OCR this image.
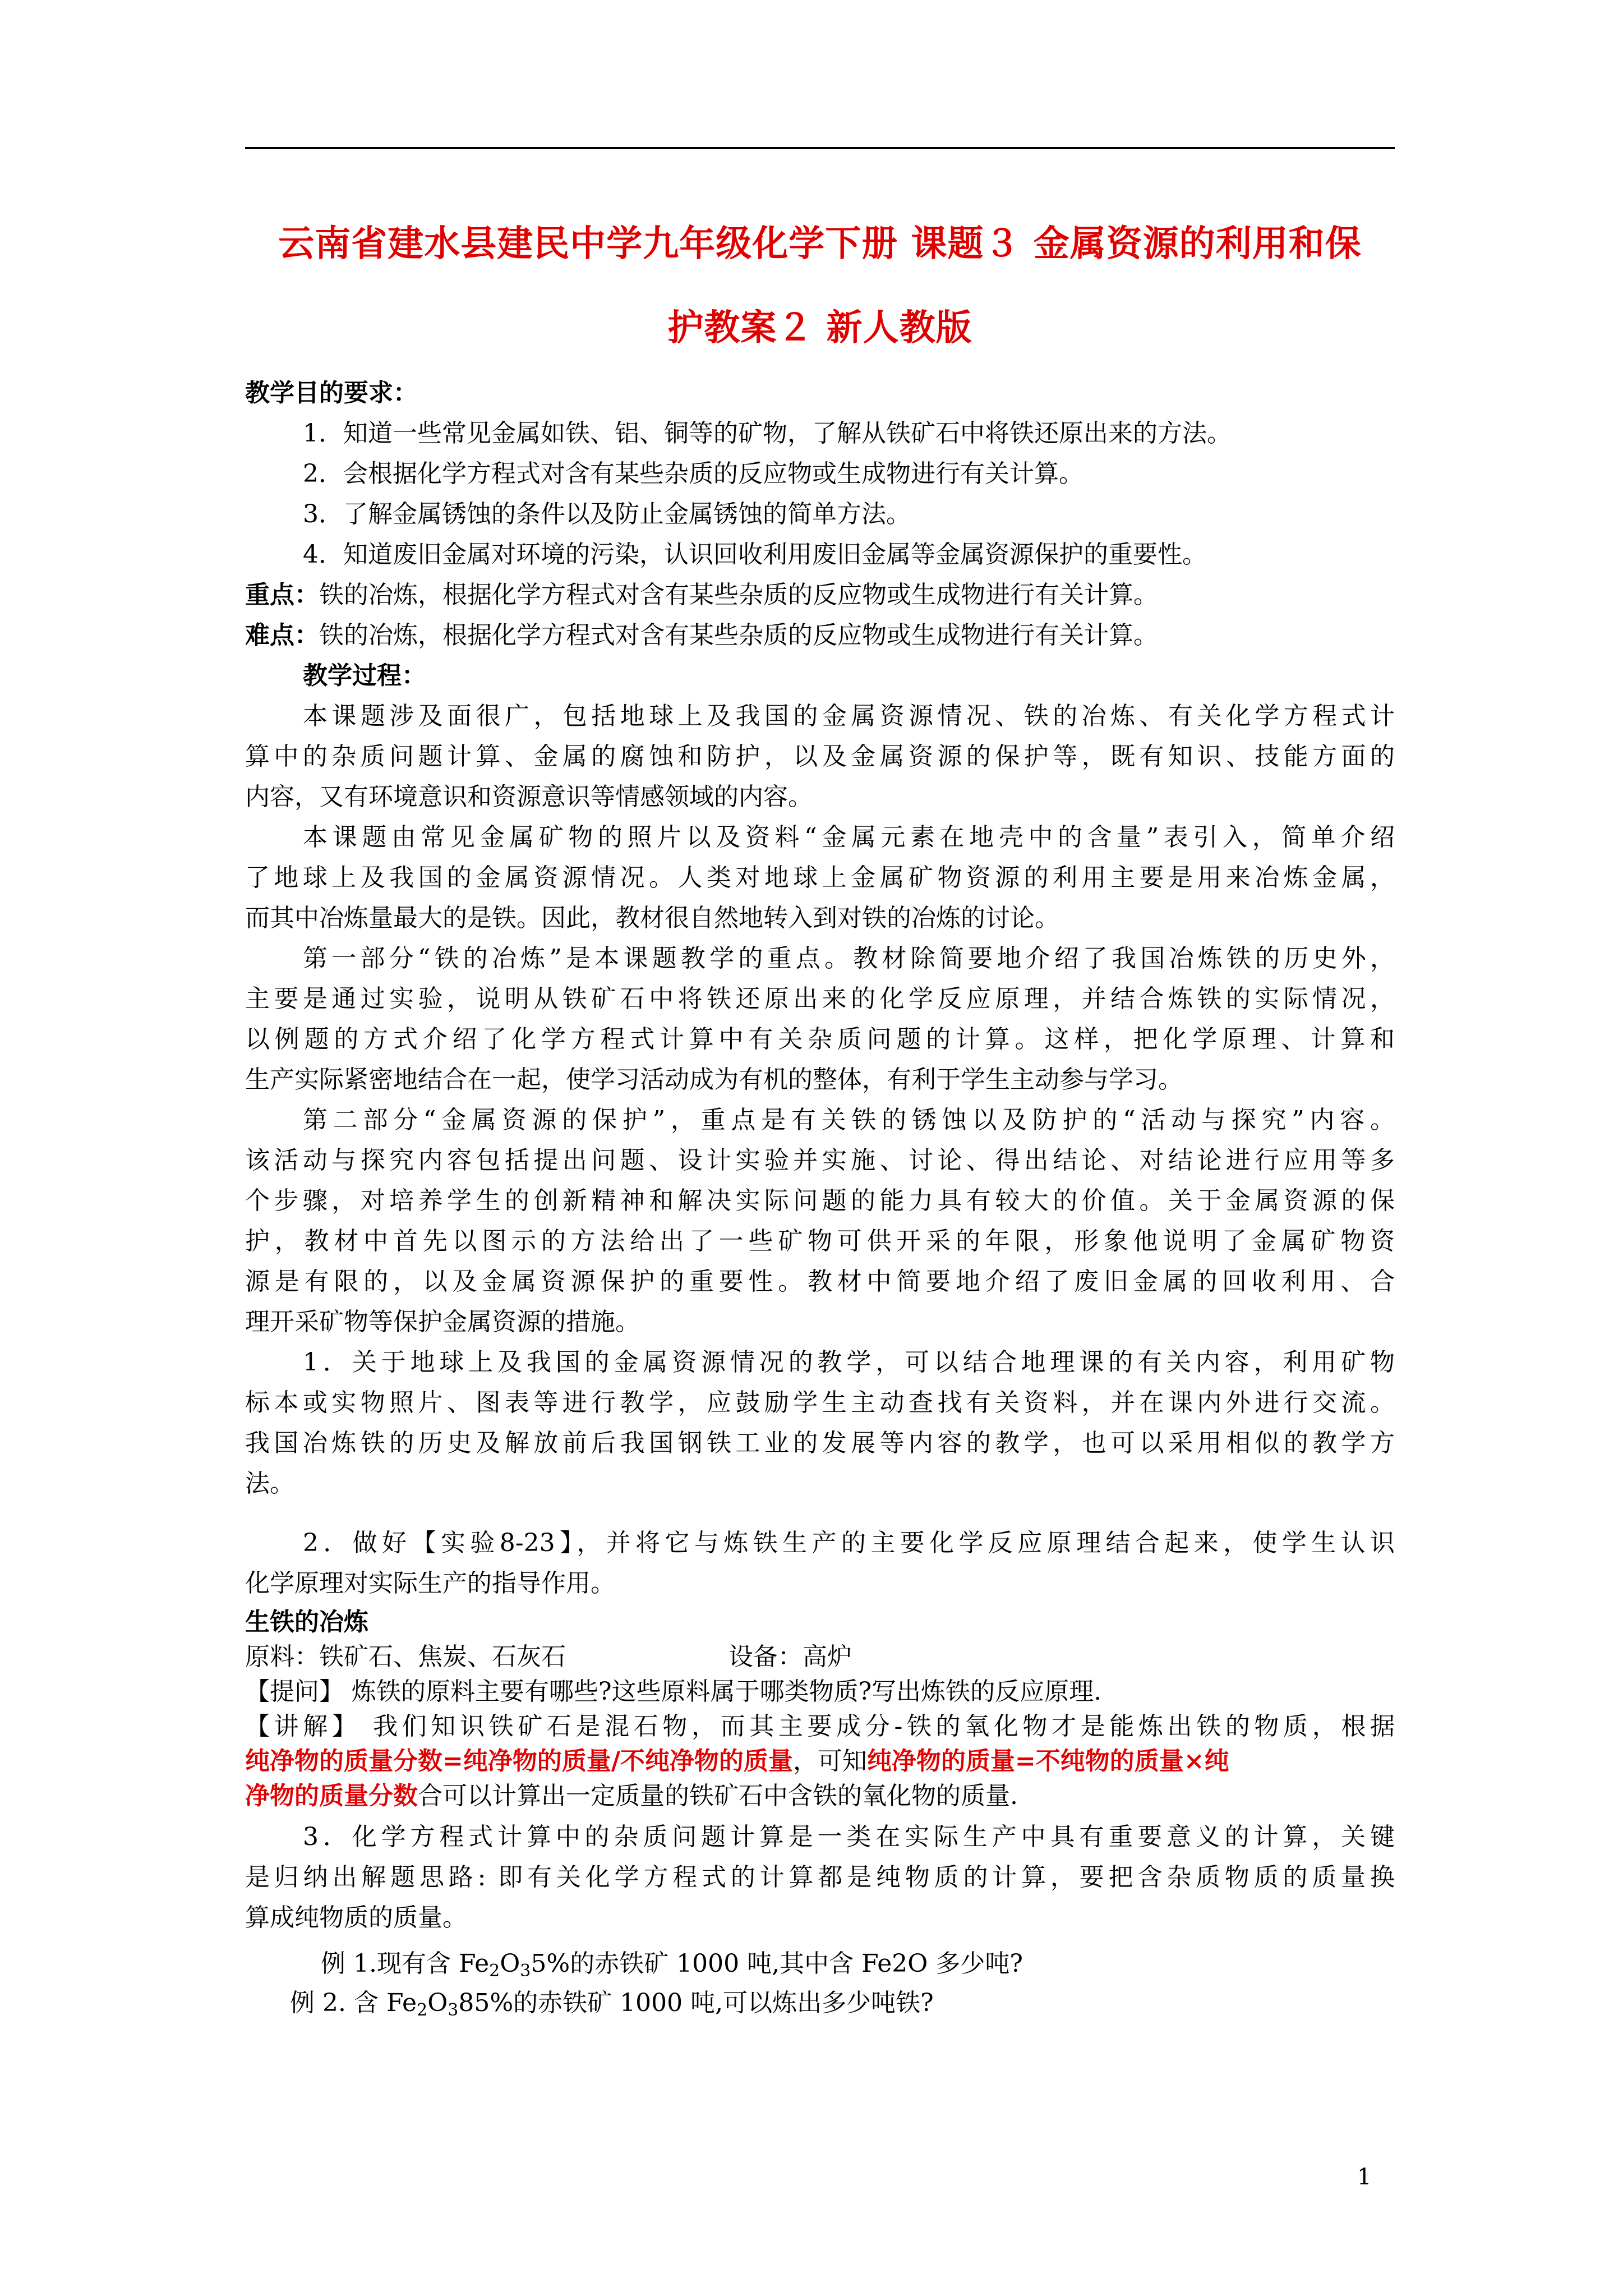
云南省建水县建民中学九年级化学下册 课题３ 金属资源的利用和保
护教案２ 新人教版
教学目的要求：
1．知道一些常见金属如铁、铝、铜等的矿物，了解从铁矿石中将铁还原出来的方法。
2．会根据化学方程式对含有某些杂质的反应物或生成物进行有关计算。
3．了解金属锈蚀的条件以及防止金属锈蚀的简单方法。
4．知道废旧金属对环境的污染，认识回收利用废旧金属等金属资源保护的重要性。
重点：铁的冶炼，根据化学方程式对含有某些杂质的反应物或生成物进行有关计算。
难点：铁的冶炼，根据化学方程式对含有某些杂质的反应物或生成物进行有关计算。
教学过程：
本课题涉及面很广，包括地球上及我国的金属资源情况、铁的冶炼、有关化学方程式计
算中的杂质问题计算、金属的腐蚀和防护，以及金属资源的保护等，既有知识、技能方面的
内容，又有环境意识和资源意识等情感领域的内容。
本课题由常见金属矿物的照片以及资料“金属元素在地壳中的含量”表引入，简单介绍
了地球上及我国的金属资源情况。人类对地球上金属矿物资源的利用主要是用来冶炼金属，
而其中冶炼量最大的是铁。因此，教材很自然地转入到对铁的冶炼的讨论。
第一部分“铁的冶炼”是本课题教学的重点。教材除简要地介绍了我国冶炼铁的历史外，
主要是通过实验，说明从铁矿石中将铁还原出来的化学反应原理，并结合炼铁的实际情况，
以例题的方式介绍了化学方程式计算中有关杂质问题的计算。这样，把化学原理、计算和
生产实际紧密地结合在一起，使学习活动成为有机的整体，有利于学生主动参与学习。
第二部分“金属资源的保护”，重点是有关铁的锈蚀以及防护的“活动与探究”内容。
该活动与探究内容包括提出问题、设计实验并实施、讨论、得出结论、对结论进行应用等多
个步骤，对培养学生的创新精神和解决实际问题的能力具有较大的价值。关于金属资源的保
护，教材中首先以图示的方法给出了一些矿物可供开采的年限，形象他说明了金属矿物资
源是有限的，以及金属资源保护的重要性。教材中简要地介绍了废旧金属的回收利用、合
理开采矿物等保护金属资源的措施。
1．关于地球上及我国的金属资源情况的教学，可以结合地理课的有关内容，利用矿物
标本或实物照片、图表等进行教学，应鼓励学生主动查找有关资料，并在课内外进行交流。
我国冶炼铁的历史及解放前后我国钢铁工业的发展等内容的教学，也可以采用相似的教学方
法。
2．做好【实验8-23】，并将它与炼铁生产的主要化学反应原理结合起来，使学生认识
化学原理对实际生产的指导作用。
生铁的冶炼
原料：铁矿石、焦炭、石灰石	设备：高炉
【提问】 炼铁的原料主要有哪些?这些原料属于哪类物质?写出炼铁的反应原理.
【讲解】 我们知识铁矿石是混石物，而其主要成分-铁的氧化物才是能炼出铁的物质，根据
纯净物的质量分数=纯净物的质量/不纯净物的质量，可知纯净物的质量=不纯物的质量×纯
净物的质量分数合可以计算出一定质量的铁矿石中含铁的氧化物的质量.
3．化学方程式计算中的杂质问题计算是一类在实际生产中具有重要意义的计算，关键
是归纳出解题思路: 即有关化学方程式的计算都是纯物质的计算，要把含杂质物质的质量换
算成纯物质的质量。
例 1.现有含 $Fe_2O_35\%$的赤铁矿 1000 吨,其中含 Fe2O 多少吨?
例 2. 含 $Fe_2O_385\%$的赤铁矿 1000 吨,可以炼出多少吨铁?
1
